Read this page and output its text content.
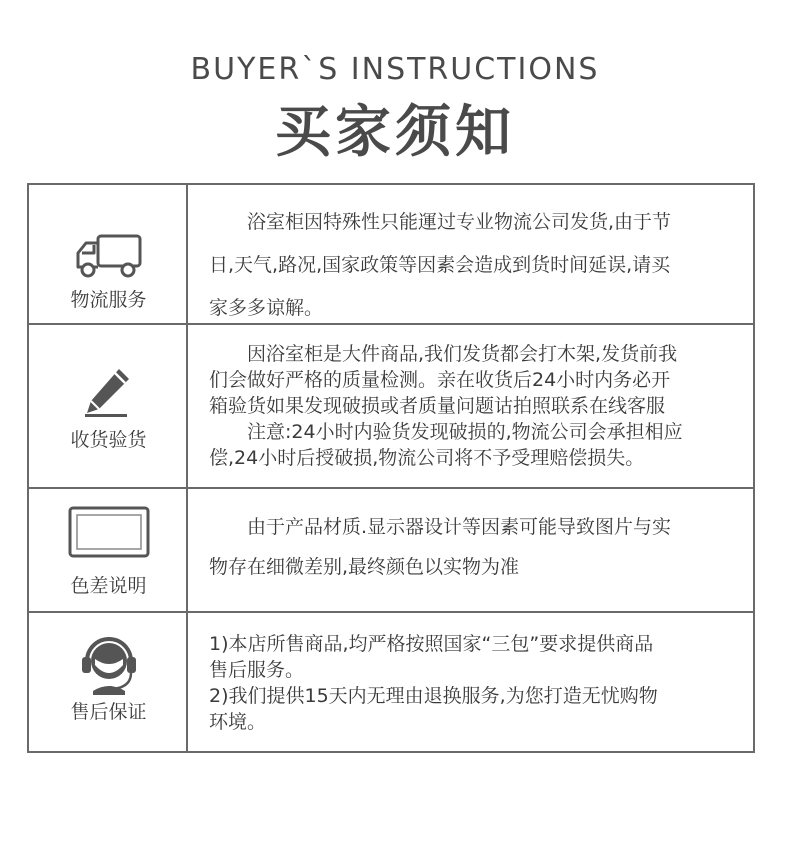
BUYER`S INSTRUCTIONS
买家须知
物流服务
　　浴室柜因特殊性只能運过专业物流公司发货,由于节
日,天气,路况,国家政策等因素会造成到货时间延误,请买
家多多谅解。
收货验货
　　因浴室柜是大件商品,我们发货都会打木架,发货前我
们会做好严格的质量检测。亲在收货后24小时内务必开
箱验货如果发现破损或者质量问题诂拍照联系在线客服
　　注意:24小时内验货发现破损的,物流公司会承担相应
偿,24小时后授破损,物流公司将不予受理赔偿损失。
色差说明
　　由于产品材质.显示器设计等因素可能导致图片与实
物存在细微差别,最终颜色以实物为准
售后保证
1)本店所售商品,均严格按照国家“三包”要求提供商品
售后服务。
2)我们提供15天内无理由退换服务,为您打造无忧购物
环境。
